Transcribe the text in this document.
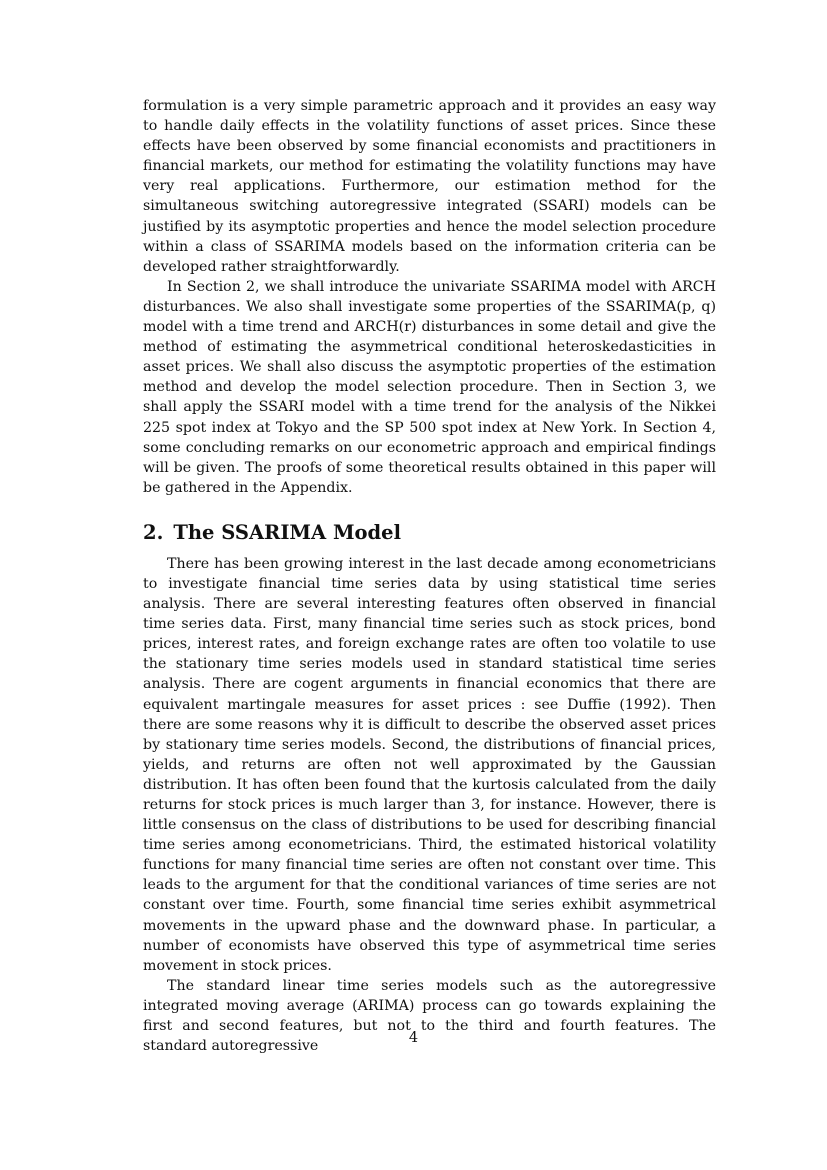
formulation is a very simple parametric approach and it provides an easy way to handle daily effects in the volatility functions of asset prices. Since these effects have been observed by some financial economists and practitioners in financial markets, our method for estimating the volatility functions may have very real applications. Furthermore, our estimation method for the simultaneous switching autoregressive integrated (SSARI) models can be justified by its asymptotic properties and hence the model selection procedure within a class of SSARIMA models based on the information criteria can be developed rather straightforwardly.

In Section 2, we shall introduce the univariate SSARIMA model with ARCH disturbances. We also shall investigate some properties of the SSARIMA(p, q) model with a time trend and ARCH(r) disturbances in some detail and give the method of estimating the asymmetrical conditional heteroskedasticities in asset prices. We shall also discuss the asymptotic properties of the estimation method and develop the model selection procedure. Then in Section 3, we shall apply the SSARI model with a time trend for the analysis of the Nikkei 225 spot index at Tokyo and the SP 500 spot index at New York. In Section 4, some concluding remarks on our econometric approach and empirical findings will be given. The proofs of some theoretical results obtained in this paper will be gathered in the Appendix.

2. The SSARIMA Model

There has been growing interest in the last decade among econometricians to investigate financial time series data by using statistical time series analysis. There are several interesting features often observed in financial time series data. First, many financial time series such as stock prices, bond prices, interest rates, and foreign exchange rates are often too volatile to use the stationary time series models used in standard statistical time series analysis. There are cogent arguments in financial economics that there are equivalent martingale measures for asset prices : see Duffie (1992). Then there are some reasons why it is difficult to describe the observed asset prices by stationary time series models. Second, the distributions of financial prices, yields, and returns are often not well approximated by the Gaussian distribution. It has often been found that the kurtosis calculated from the daily returns for stock prices is much larger than 3, for instance. However, there is little consensus on the class of distributions to be used for describing financial time series among econometricians. Third, the estimated historical volatility functions for many financial time series are often not constant over time. This leads to the argument for that the conditional variances of time series are not constant over time. Fourth, some financial time series exhibit asymmetrical movements in the upward phase and the downward phase. In particular, a number of economists have observed this type of asymmetrical time series movement in stock prices.

The standard linear time series models such as the autoregressive integrated moving average (ARIMA) process can go towards explaining the first and second features, but not to the third and fourth features. The standard autoregressive

4
